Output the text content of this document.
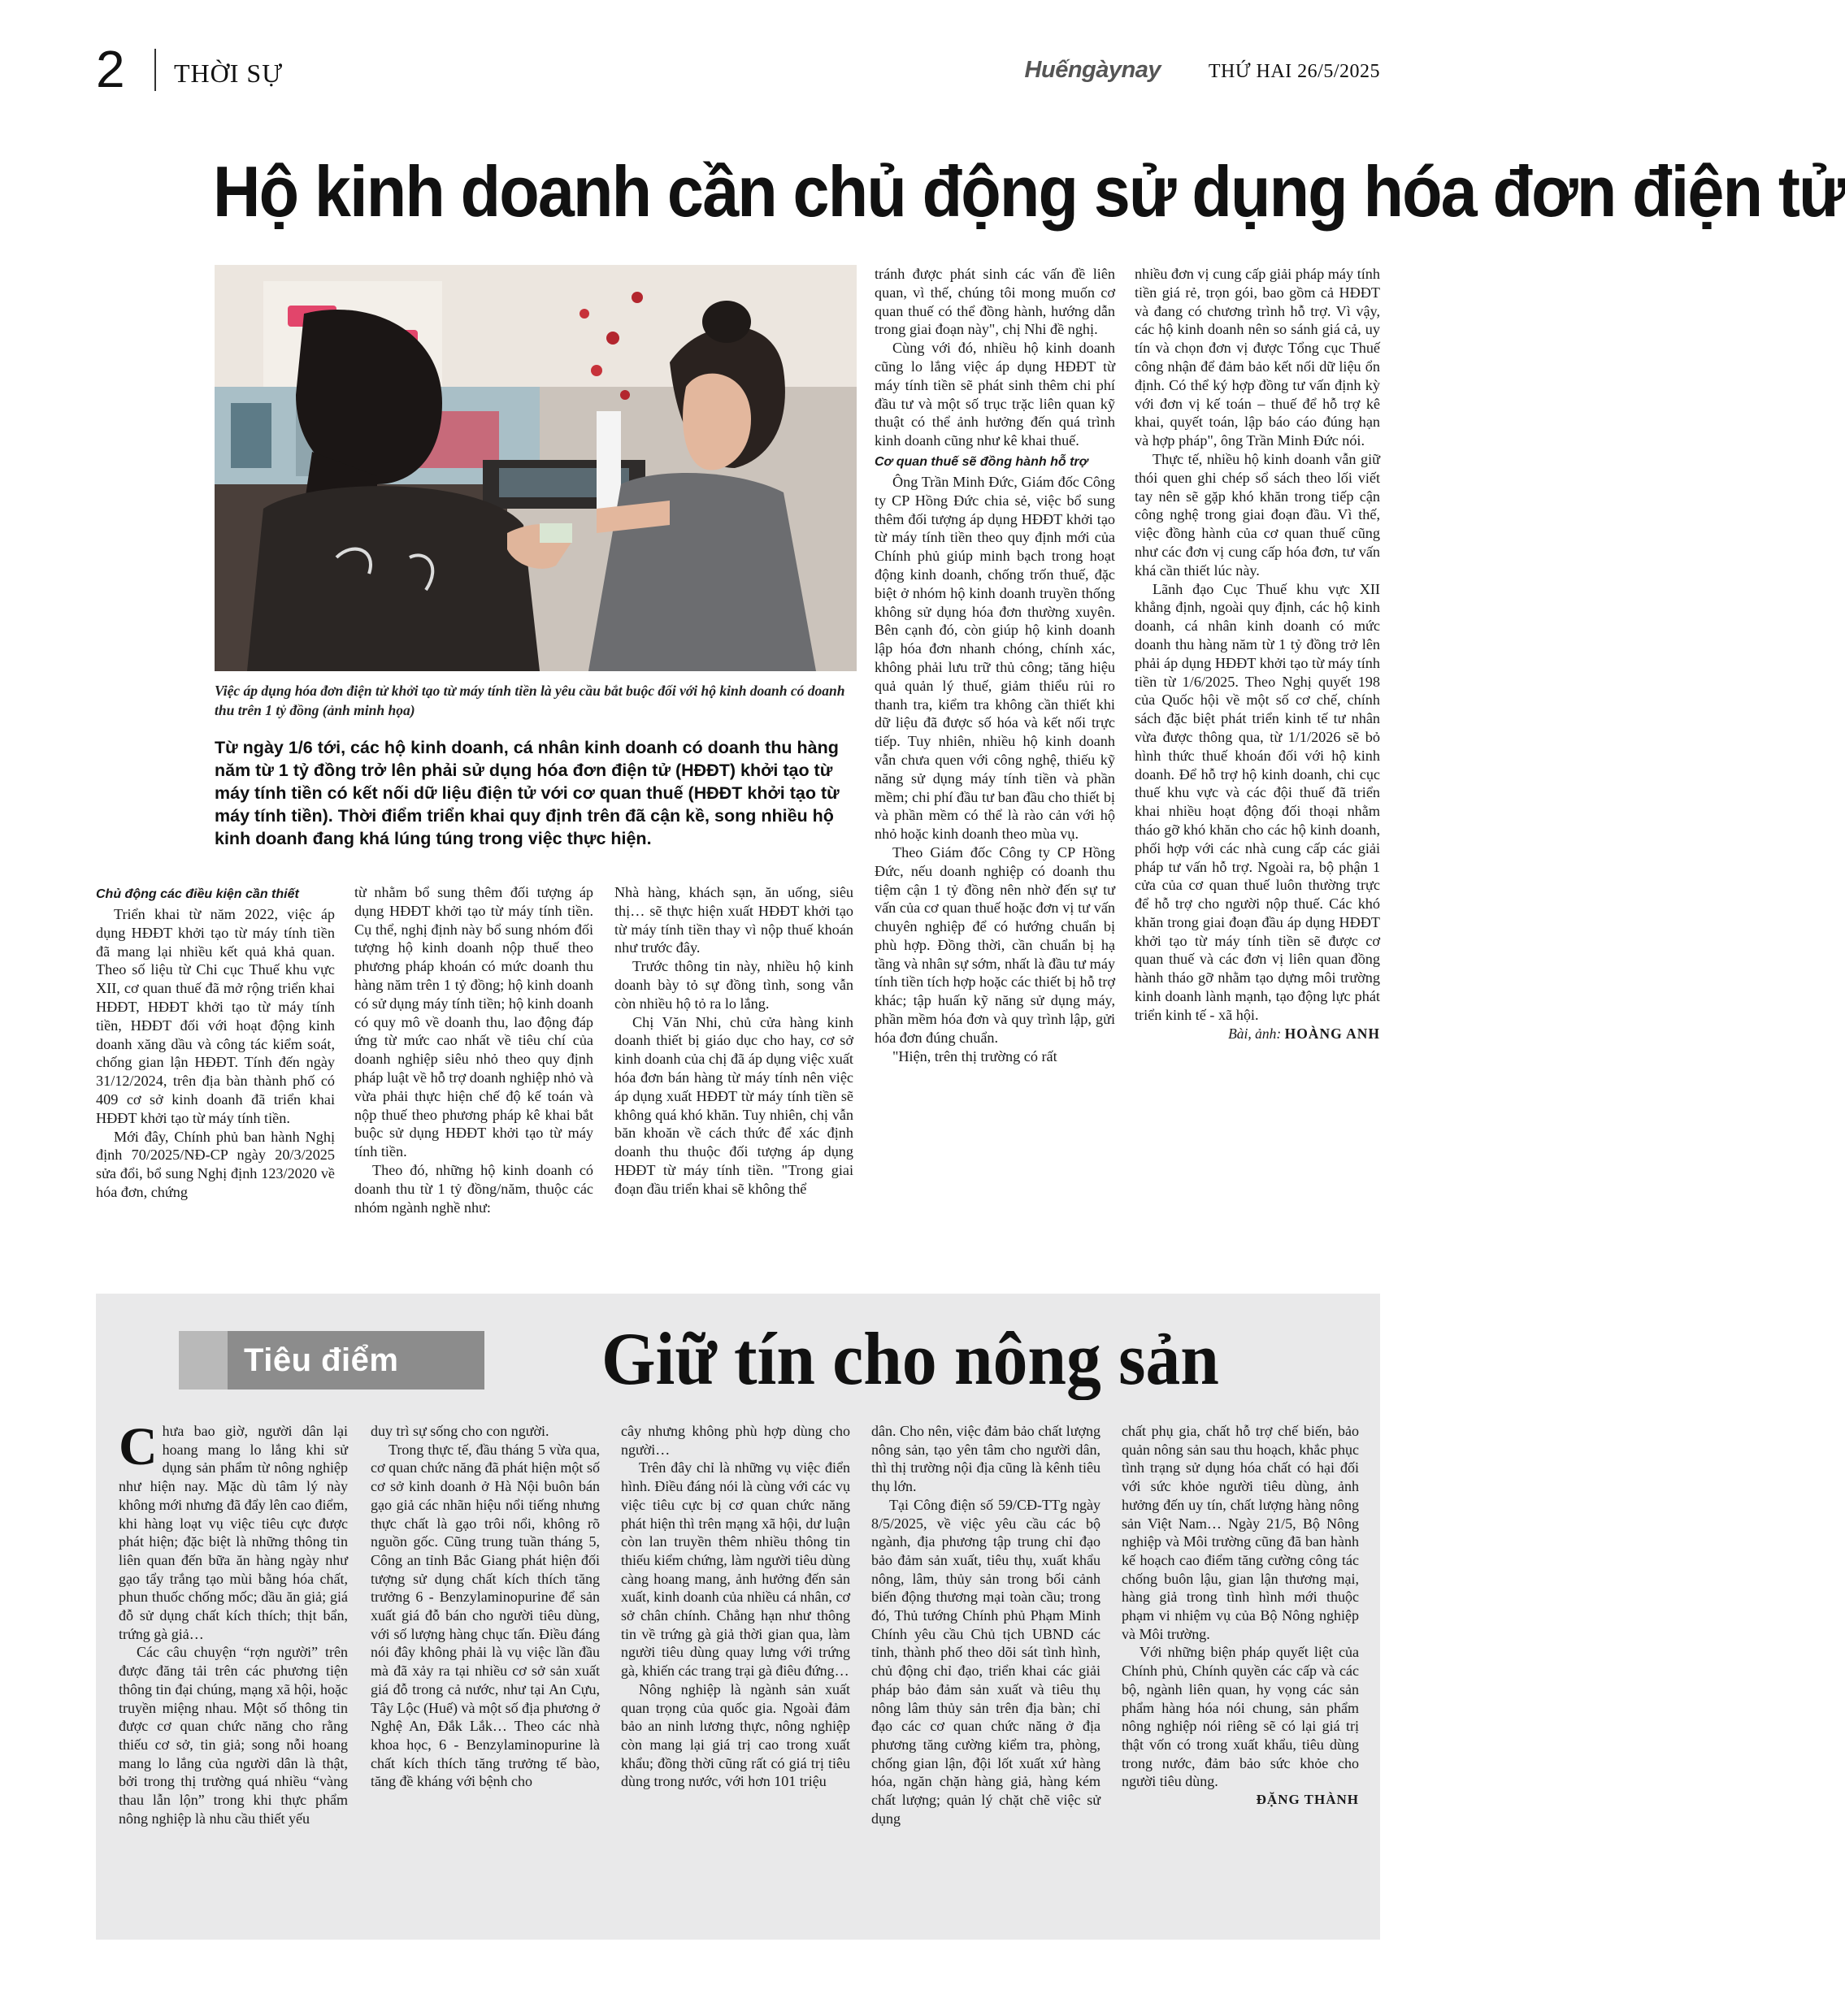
2 THỜI SỰ	Huếngàynay THỨ HAI 26/5/2025
Hộ kinh doanh cần chủ động sử dụng hóa đơn điện tử
Việc áp dụng hóa đơn điện tử khởi tạo từ máy tính tiền là yêu cầu bắt buộc đối với hộ kinh doanh có doanh thu trên 1 tỷ đồng (ảnh minh họa)
Từ ngày 1/6 tới, các hộ kinh doanh, cá nhân kinh doanh có doanh thu hàng năm từ 1 tỷ đồng trở lên phải sử dụng hóa đơn điện tử (HĐĐT) khởi tạo từ máy tính tiền có kết nối dữ liệu điện tử với cơ quan thuế (HĐĐT khởi tạo từ máy tính tiền). Thời điểm triển khai quy định trên đã cận kề, song nhiều hộ kinh doanh đang khá lúng túng trong việc thực hiện.

Chủ động các điều kiện cần thiết

Triển khai từ năm 2022, việc áp dụng HĐĐT khởi tạo từ máy tính tiền đã mang lại nhiều kết quả khả quan. Theo số liệu từ Chi cục Thuế khu vực XII, cơ quan thuế đã mở rộng triển khai HĐĐT, HĐĐT khởi tạo từ máy tính tiền, HĐĐT đối với hoạt động kinh doanh xăng dầu và công tác kiểm soát, chống gian lận HĐĐT. Tính đến ngày 31/12/2024, trên địa bàn thành phố có 409 cơ sở kinh doanh đã triển khai HĐĐT khởi tạo từ máy tính tiền.

Mới đây, Chính phủ ban hành Nghị định 70/2025/NĐ-CP ngày 20/3/2025 sửa đổi, bổ sung Nghị định 123/2020 về hóa đơn, chứng

từ nhằm bổ sung thêm đối tượng áp dụng HĐĐT khởi tạo từ máy tính tiền. Cụ thể, nghị định này bổ sung nhóm đối tượng hộ kinh doanh nộp thuế theo phương pháp khoán có mức doanh thu hàng năm trên 1 tỷ đồng; hộ kinh doanh có sử dụng máy tính tiền; hộ kinh doanh có quy mô về doanh thu, lao động đáp ứng từ mức cao nhất về tiêu chí của doanh nghiệp siêu nhỏ theo quy định pháp luật về hỗ trợ doanh nghiệp nhỏ và vừa phải thực hiện chế độ kế toán và nộp thuế theo phương pháp kê khai bắt buộc sử dụng HĐĐT khởi tạo từ máy tính tiền.

Theo đó, những hộ kinh doanh có doanh thu từ 1 tỷ đồng/năm, thuộc các nhóm ngành nghề như:

Nhà hàng, khách sạn, ăn uống, siêu thị… sẽ thực hiện xuất HĐĐT khởi tạo từ máy tính tiền thay vì nộp thuế khoán như trước đây.

Trước thông tin này, nhiều hộ kinh doanh bày tỏ sự đồng tình, song vẫn còn nhiều hộ tỏ ra lo lắng.

Chị Văn Nhi, chủ cửa hàng kinh doanh thiết bị giáo dục cho hay, cơ sở kinh doanh của chị đã áp dụng việc xuất hóa đơn bán hàng từ máy tính nên việc áp dụng xuất HĐĐT từ máy tính tiền sẽ không quá khó khăn. Tuy nhiên, chị vẫn băn khoăn về cách thức để xác định doanh thu thuộc đối tượng áp dụng HĐĐT từ máy tính tiền. "Trong giai đoạn đầu triển khai sẽ không thể

tránh được phát sinh các vấn đề liên quan, vì thế, chúng tôi mong muốn cơ quan thuế có thể đồng hành, hướng dẫn trong giai đoạn này", chị Nhi đề nghị.

Cùng với đó, nhiều hộ kinh doanh cũng lo lắng việc áp dụng HĐĐT từ máy tính tiền sẽ phát sinh thêm chi phí đầu tư và một số trục trặc liên quan kỹ thuật có thể ảnh hưởng đến quá trình kinh doanh cũng như kê khai thuế.

Cơ quan thuế sẽ đồng hành hỗ trợ

Ông Trần Minh Đức, Giám đốc Công ty CP Hồng Đức chia sẻ, việc bổ sung thêm đối tượng áp dụng HĐĐT khởi tạo từ máy tính tiền theo quy định mới của Chính phủ giúp minh bạch trong hoạt động kinh doanh, chống trốn thuế, đặc biệt ở nhóm hộ kinh doanh truyền thống không sử dụng hóa đơn thường xuyên. Bên cạnh đó, còn giúp hộ kinh doanh lập hóa đơn nhanh chóng, chính xác, không phải lưu trữ thủ công; tăng hiệu quả quản lý thuế, giảm thiểu rủi ro thanh tra, kiểm tra không cần thiết khi dữ liệu đã được số hóa và kết nối trực tiếp. Tuy nhiên, nhiều hộ kinh doanh vẫn chưa quen với công nghệ, thiếu kỹ năng sử dụng máy tính tiền và phần mềm; chi phí đầu tư ban đầu cho thiết bị và phần mềm có thể là rào cản với hộ nhỏ hoặc kinh doanh theo mùa vụ.

Theo Giám đốc Công ty CP Hồng Đức, nếu doanh nghiệp có doanh thu tiệm cận 1 tỷ đồng nên nhờ đến sự tư vấn của cơ quan thuế hoặc đơn vị tư vấn chuyên nghiệp để có hướng chuẩn bị phù hợp. Đồng thời, cần chuẩn bị hạ tầng và nhân sự sớm, nhất là đầu tư máy tính tiền tích hợp hoặc các thiết bị hỗ trợ khác; tập huấn kỹ năng sử dụng máy, phần mềm hóa đơn và quy trình lập, gửi hóa đơn đúng chuẩn.

"Hiện, trên thị trường có rất

nhiều đơn vị cung cấp giải pháp máy tính tiền giá rẻ, trọn gói, bao gồm cả HĐĐT và đang có chương trình hỗ trợ. Vì vậy, các hộ kinh doanh nên so sánh giá cả, uy tín và chọn đơn vị được Tổng cục Thuế công nhận để đảm bảo kết nối dữ liệu ổn định. Có thể ký hợp đồng tư vấn định kỳ với đơn vị kế toán – thuế để hỗ trợ kê khai, quyết toán, lập báo cáo đúng hạn và hợp pháp", ông Trần Minh Đức nói.

Thực tế, nhiều hộ kinh doanh vẫn giữ thói quen ghi chép sổ sách theo lối viết tay nên sẽ gặp khó khăn trong tiếp cận công nghệ trong giai đoạn đầu. Vì thế, việc đồng hành của cơ quan thuế cũng như các đơn vị cung cấp hóa đơn, tư vấn khá cần thiết lúc này.

Lãnh đạo Cục Thuế khu vực XII khẳng định, ngoài quy định, các hộ kinh doanh, cá nhân kinh doanh có mức doanh thu hàng năm từ 1 tỷ đồng trở lên phải áp dụng HĐĐT khởi tạo từ máy tính tiền từ 1/6/2025. Theo Nghị quyết 198 của Quốc hội về một số cơ chế, chính sách đặc biệt phát triển kinh tế tư nhân vừa được thông qua, từ 1/1/2026 sẽ bỏ hình thức thuế khoán đối với hộ kinh doanh. Để hỗ trợ hộ kinh doanh, chi cục thuế khu vực và các đội thuế đã triển khai nhiều hoạt động đối thoại nhằm tháo gỡ khó khăn cho các hộ kinh doanh, phối hợp với các nhà cung cấp các giải pháp tư vấn hỗ trợ. Ngoài ra, bộ phận 1 cửa của cơ quan thuế luôn thường trực để hỗ trợ cho người nộp thuế. Các khó khăn trong giai đoạn đầu áp dụng HĐĐT khởi tạo từ máy tính tiền sẽ được cơ quan thuế và các đơn vị liên quan đồng hành tháo gỡ nhằm tạo dựng môi trường kinh doanh lành mạnh, tạo động lực phát triển kinh tế - xã hội.

Bài, ảnh: HOÀNG ANH

Tiêu điểm	Giữ tín cho nông sản

Chưa bao giờ, người dân lại hoang mang lo lắng khi sử dụng sản phẩm từ nông nghiệp như hiện nay. Mặc dù tâm lý này không mới nhưng đã đẩy lên cao điểm, khi hàng loạt vụ việc tiêu cực được phát hiện; đặc biệt là những thông tin liên quan đến bữa ăn hàng ngày như gạo tẩy trắng tạo mùi bằng hóa chất, phun thuốc chống mốc; dầu ăn giả; giá đỗ sử dụng chất kích thích; thịt bẩn, trứng gà giả…

Các câu chuyện “rợn người” trên được đăng tải trên các phương tiện thông tin đại chúng, mạng xã hội, hoặc truyền miệng nhau. Một số thông tin được cơ quan chức năng cho rằng thiếu cơ sở, tin giả; song nỗi hoang mang lo lắng của người dân là thật, bởi trong thị trường quá nhiều “vàng thau lẫn lộn” trong khi thực phẩm nông nghiệp là nhu cầu thiết yếu

duy trì sự sống cho con người.

Trong thực tế, đầu tháng 5 vừa qua, cơ quan chức năng đã phát hiện một số cơ sở kinh doanh ở Hà Nội buôn bán gạo giả các nhãn hiệu nổi tiếng nhưng thực chất là gạo trôi nổi, không rõ nguồn gốc. Cũng trung tuần tháng 5, Công an tỉnh Bắc Giang phát hiện đối tượng sử dụng chất kích thích tăng trưởng 6 - Benzylaminopurine để sản xuất giá đỗ bán cho người tiêu dùng, với số lượng hàng chục tấn. Điều đáng nói đây không phải là vụ việc lần đầu mà đã xảy ra tại nhiều cơ sở sản xuất giá đỗ trong cả nước, như tại An Cựu, Tây Lộc (Huế) và một số địa phương ở Nghệ An, Đắk Lắk… Theo các nhà khoa học, 6 - Benzylaminopurine là chất kích thích tăng trưởng tế bào, tăng đề kháng với bệnh cho

cây nhưng không phù hợp dùng cho người…

Trên đây chỉ là những vụ việc điển hình. Điều đáng nói là cùng với các vụ việc tiêu cực bị cơ quan chức năng phát hiện thì trên mạng xã hội, dư luận còn lan truyền thêm nhiều thông tin thiếu kiểm chứng, làm người tiêu dùng càng hoang mang, ảnh hưởng đến sản xuất, kinh doanh của nhiều cá nhân, cơ sở chân chính. Chẳng hạn như thông tin về trứng gà giả thời gian qua, làm người tiêu dùng quay lưng với trứng gà, khiến các trang trại gà điêu đứng…

Nông nghiệp là ngành sản xuất quan trọng của quốc gia. Ngoài đảm bảo an ninh lương thực, nông nghiệp còn mang lại giá trị cao trong xuất khẩu; đồng thời cũng rất có giá trị tiêu dùng trong nước, với hơn 101 triệu

dân. Cho nên, việc đảm bảo chất lượng nông sản, tạo yên tâm cho người dân, thì thị trường nội địa cũng là kênh tiêu thụ lớn.

Tại Công điện số 59/CĐ-TTg ngày 8/5/2025, về việc yêu cầu các bộ ngành, địa phương tập trung chỉ đạo bảo đảm sản xuất, tiêu thụ, xuất khẩu nông, lâm, thủy sản trong bối cảnh biến động thương mại toàn cầu; trong đó, Thủ tướng Chính phủ Phạm Minh Chính yêu cầu Chủ tịch UBND các tỉnh, thành phố theo dõi sát tình hình, chủ động chỉ đạo, triển khai các giải pháp bảo đảm sản xuất và tiêu thụ nông lâm thủy sản trên địa bàn; chỉ đạo các cơ quan chức năng ở địa phương tăng cường kiểm tra, phòng, chống gian lận, đội lốt xuất xứ hàng hóa, ngăn chặn hàng giả, hàng kém chất lượng; quản lý chặt chẽ việc sử dụng

chất phụ gia, chất hỗ trợ chế biến, bảo quản nông sản sau thu hoạch, khắc phục tình trạng sử dụng hóa chất có hại đối với sức khỏe người tiêu dùng, ảnh hưởng đến uy tín, chất lượng hàng nông sản Việt Nam… Ngày 21/5, Bộ Nông nghiệp và Môi trường cũng đã ban hành kế hoạch cao điểm tăng cường công tác chống buôn lậu, gian lận thương mại, hàng giả trong tình hình mới thuộc phạm vi nhiệm vụ của Bộ Nông nghiệp và Môi trường.

Với những biện pháp quyết liệt của Chính phủ, Chính quyền các cấp và các bộ, ngành liên quan, hy vọng các sản phẩm hàng hóa nói chung, sản phẩm nông nghiệp nói riêng sẽ có lại giá trị thật vốn có trong xuất khẩu, tiêu dùng trong nước, đảm bảo sức khỏe cho người tiêu dùng.

ĐẶNG THÀNH
